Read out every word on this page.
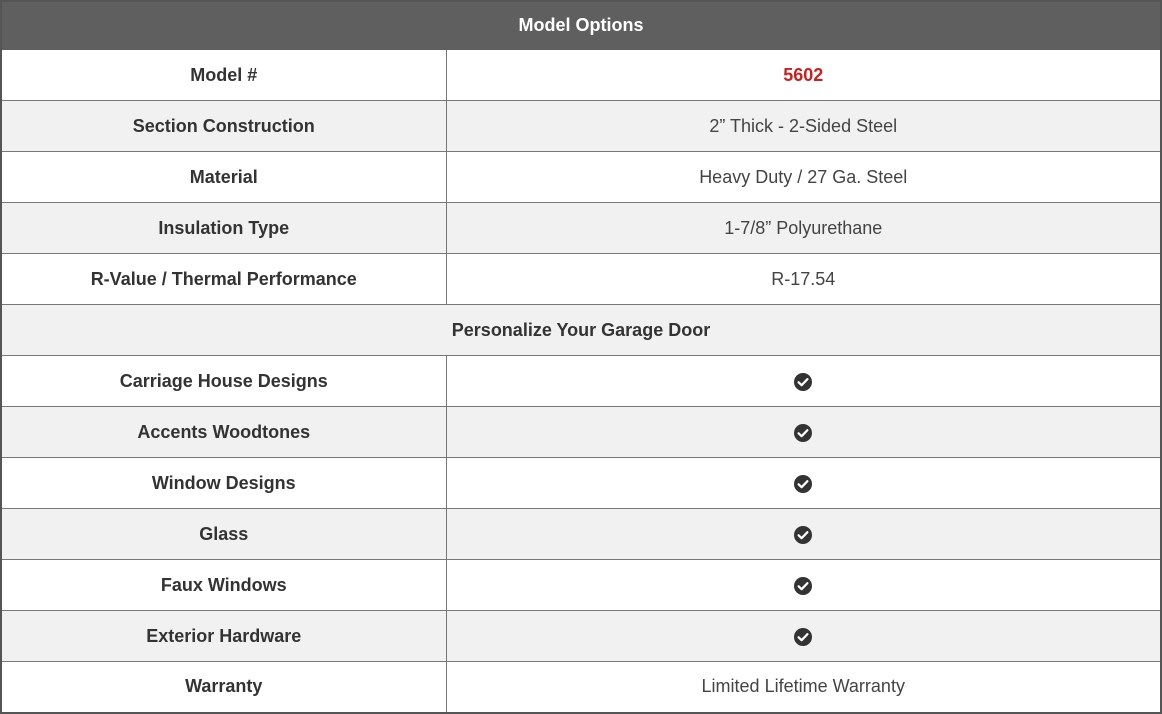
Model Options	
Model #	5602
Section Construction	2” Thick - 2-Sided Steel
Material	Heavy Duty / 27 Ga. Steel
Insulation Type	1-7/8” Polyurethane
R-Value / Thermal Performance	R-17.54
Personalize Your Garage Door	
Carriage House Designs	
Accents Woodtones	
Window Designs	
Glass	
Faux Windows	
Exterior Hardware	
Warranty	Limited Lifetime Warranty
